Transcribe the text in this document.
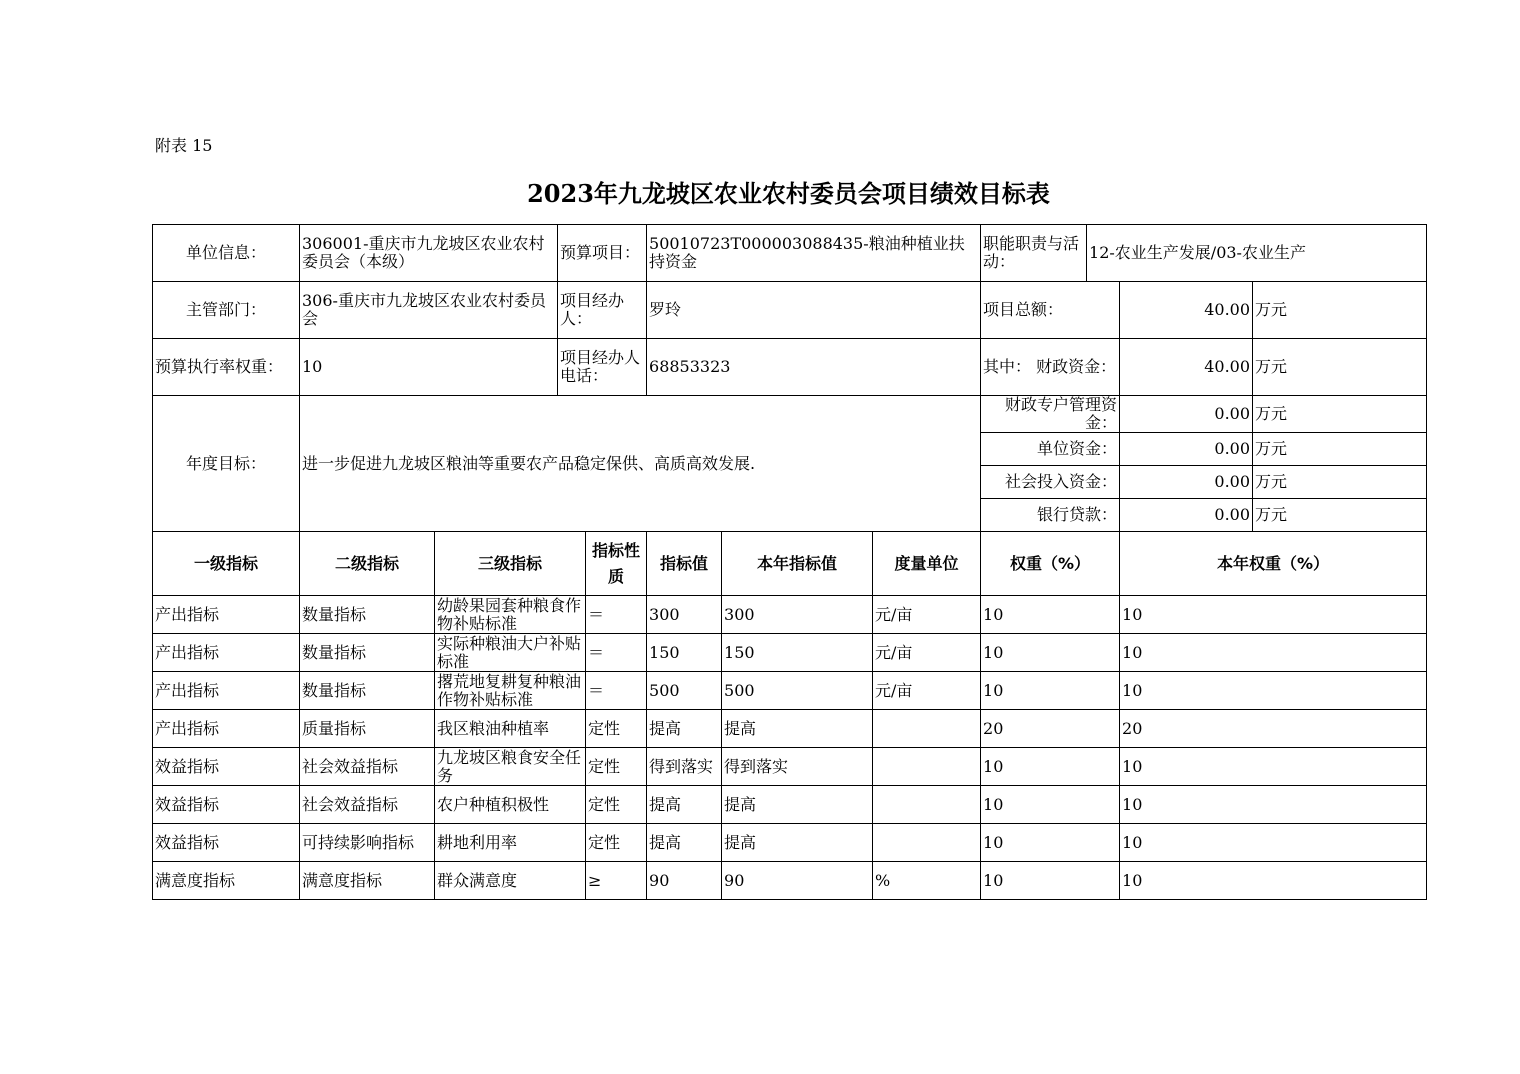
附表 15
2023年九龙坡区农业农村委员会项目绩效目标表
单位信息：	306001-重庆市九龙坡区农业农村委员会（本级）		预算项目：		50010723T000003088435-粮油种植业扶持资金			职能职责与活动：	12-农业生产发展/03-农业生产		
主管部门：	306-重庆市九龙坡区农业农村委员会		项目经办人：		罗玲			项目总额：		40.00	万元
预算执行率权重：	10		项目经办人电话：		68853323			其中： 财政资金：		40.00	万元
年度目标：	进一步促进九龙坡区粮油等重要农产品稳定保供、高质高效发展.							财政专户管理资金：		0.00	万元
								单位资金：		0.00	万元
								社会投入资金：		0.00	万元
								银行贷款：		0.00	万元
一级指标	二级指标	三级指标		指标性质	指标值	本年指标值	度量单位	权重（%）		本年权重（%）	
产出指标	数量指标	幼龄果园套种粮食作物补贴标准		＝	300	300	元/亩	10		10	
产出指标	数量指标	实际种粮油大户补贴标准		＝	150	150	元/亩	10		10	
产出指标	数量指标	撂荒地复耕复种粮油作物补贴标准		＝	500	500	元/亩	10		10	
产出指标	质量指标	我区粮油种植率		定性	提高	提高		20		20	
效益指标	社会效益指标	九龙坡区粮食安全任务		定性	得到落实	得到落实		10		10	
效益指标	社会效益指标	农户种植积极性		定性	提高	提高		10		10	
效益指标	可持续影响指标	耕地利用率		定性	提高	提高		10		10	
满意度指标	满意度指标	群众满意度		≥	90	90	%	10		10	
